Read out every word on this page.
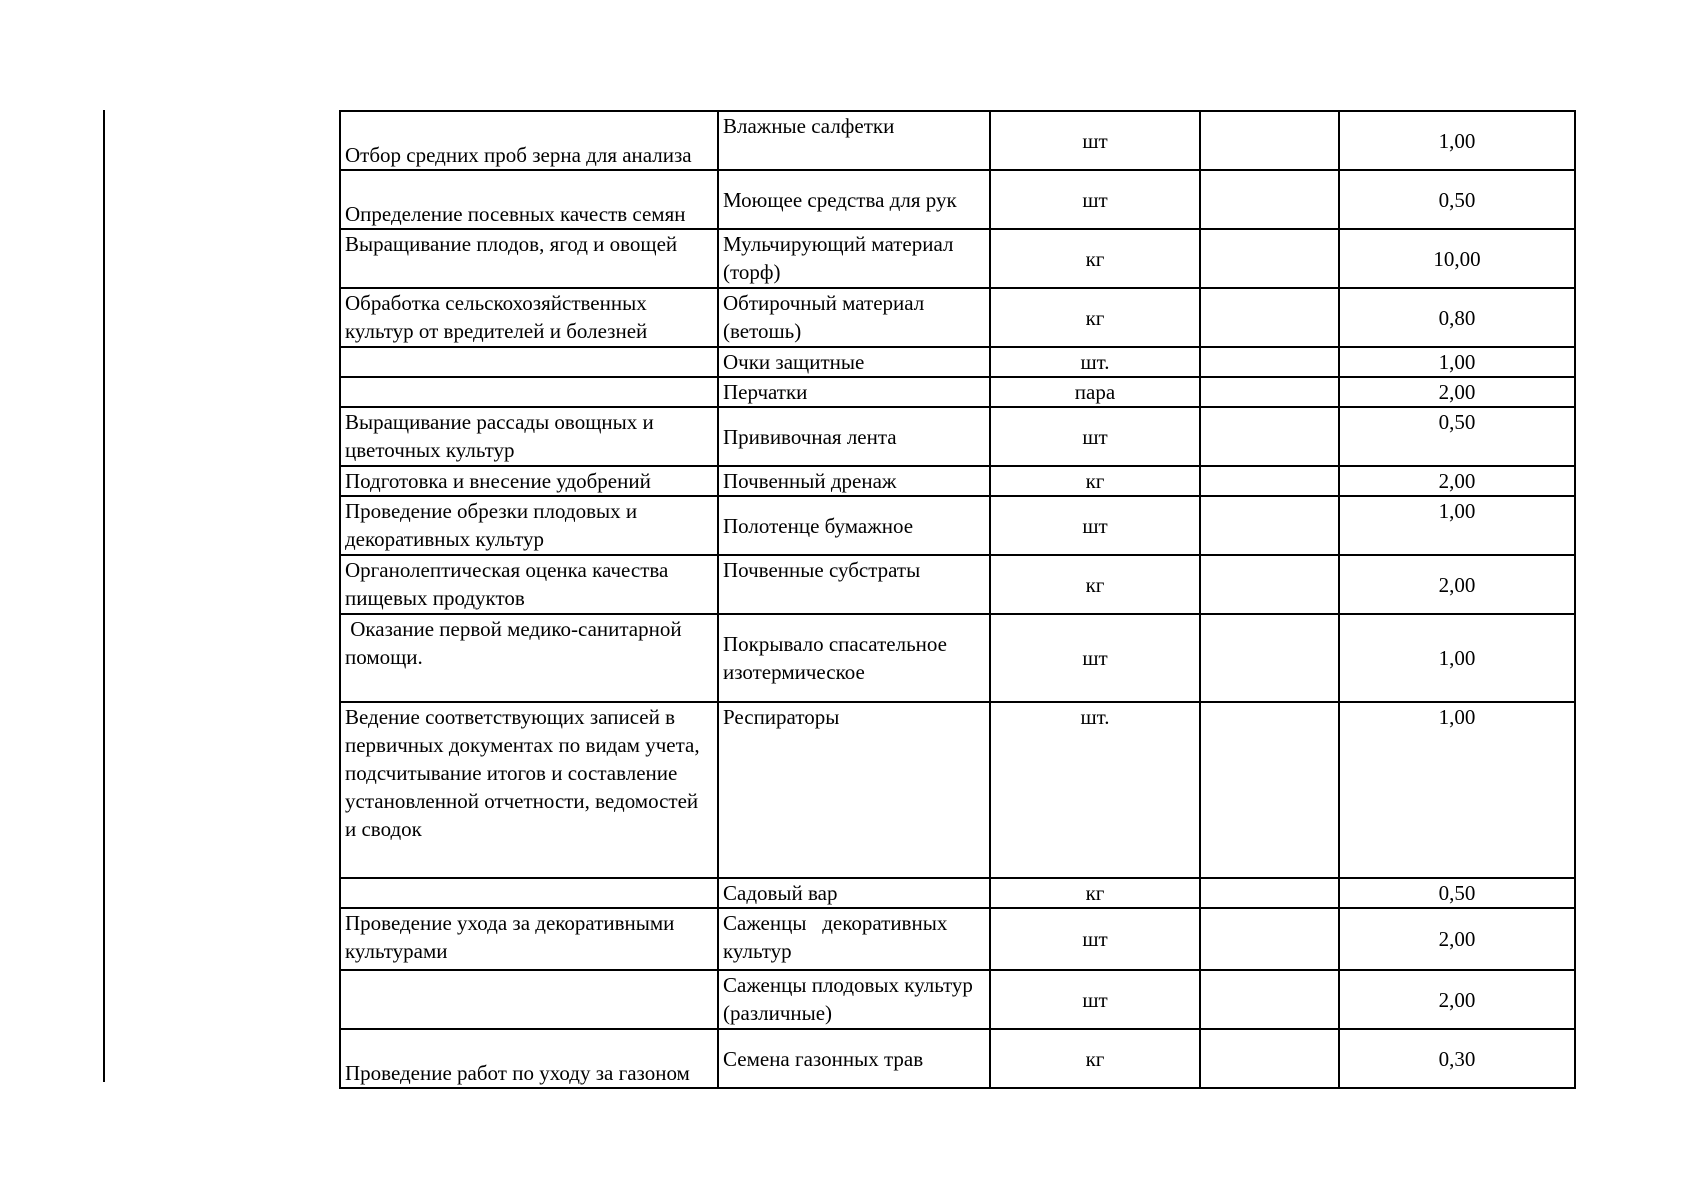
Отбор средних проб зерна для анализа	Влажные салфетки	шт		1,00
Определение посевных качеств семян	Моющее средства для рук	шт		0,50
Выращивание плодов, ягод и овощей	Мульчирующий материал (торф)	кг		10,00
Обработка сельскохозяйственных культур от вредителей и болезней	Обтирочный материал (ветошь)	кг		0,80
	Очки защитные	шт.		1,00
	Перчатки	пара		2,00
Выращивание рассады овощных и цветочных культур	Прививочная лента	шт		0,50
Подготовка и внесение удобрений	Почвенный дренаж	кг		2,00
Проведение обрезки плодовых и декоративных культур	Полотенце бумажное	шт		1,00
Органолептическая оценка качества пищевых продуктов	Почвенные субстраты	кг		2,00
Оказание первой медико-санитарной помощи.	Покрывало спасательное изотермическое	шт		1,00
Ведение соответствующих записей в первичных документах по видам учета, подсчитывание итогов и составление установленной отчетности, ведомостей и сводок	Респираторы	шт.		1,00
	Садовый вар	кг		0,50
Проведение ухода за декоративными культурами	Саженцы   декоративных культур	шт		2,00
	Саженцы плодовых культур (различные)	шт		2,00
Проведение работ по уходу за газоном	Семена газонных трав	кг		0,30
